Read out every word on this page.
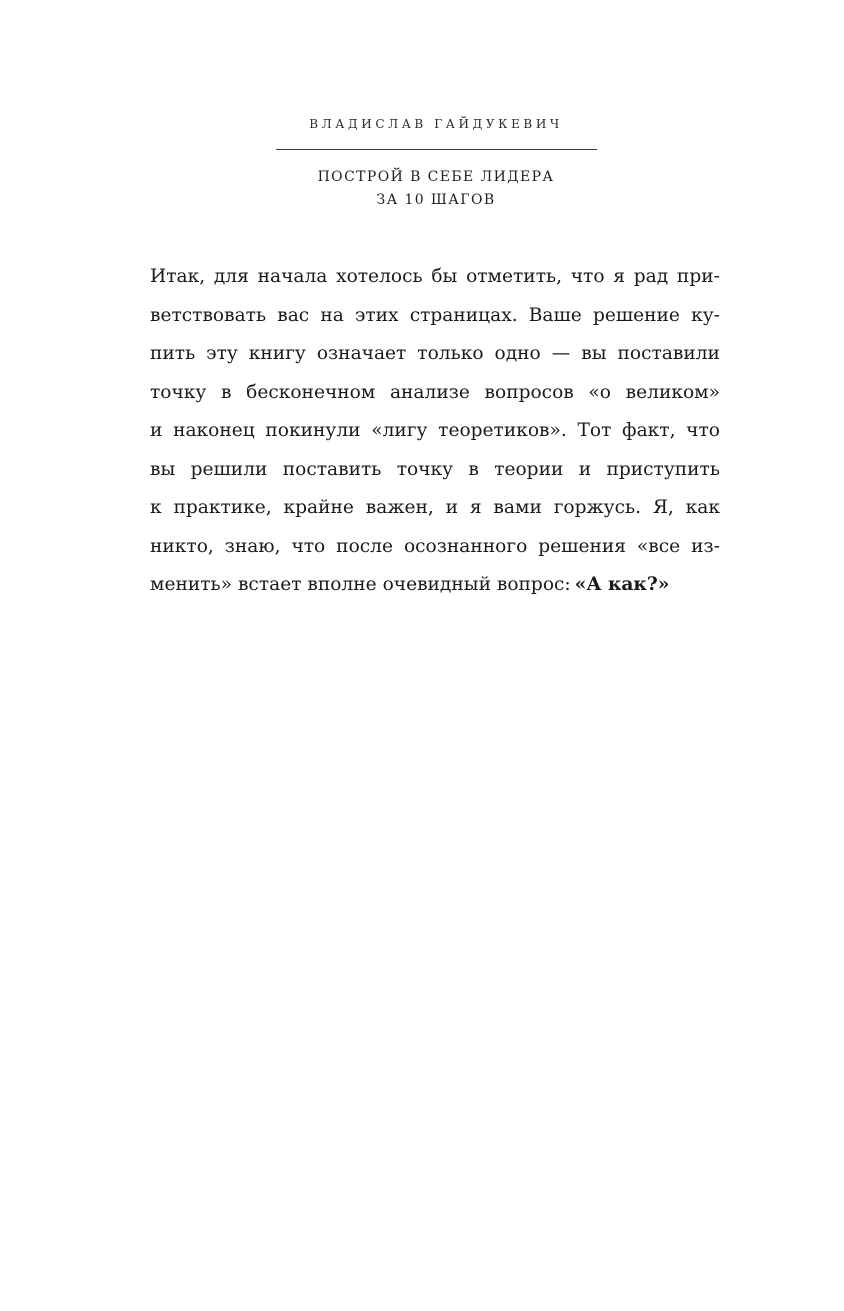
ВЛАДИСЛАВ ГАЙДУКЕВИЧ
ПОСТРОЙ В СЕБЕ ЛИДЕРА
ЗА 10 ШАГОВ
Итак, для начала хотелось бы отметить, что я рад при-
ветствовать вас на этих страницах. Ваше решение ку-
пить эту книгу означает только одно — вы поставили
точку в бесконечном анализе вопросов «о великом»
и наконец покинули «лигу теоретиков». Тот факт, что
вы решили поставить точку в теории и приступить
к практике, крайне важен, и я вами горжусь. Я, как
никто, знаю, что после осознанного решения «все из-
менить» встает вполне очевидный вопрос: «А как?»
